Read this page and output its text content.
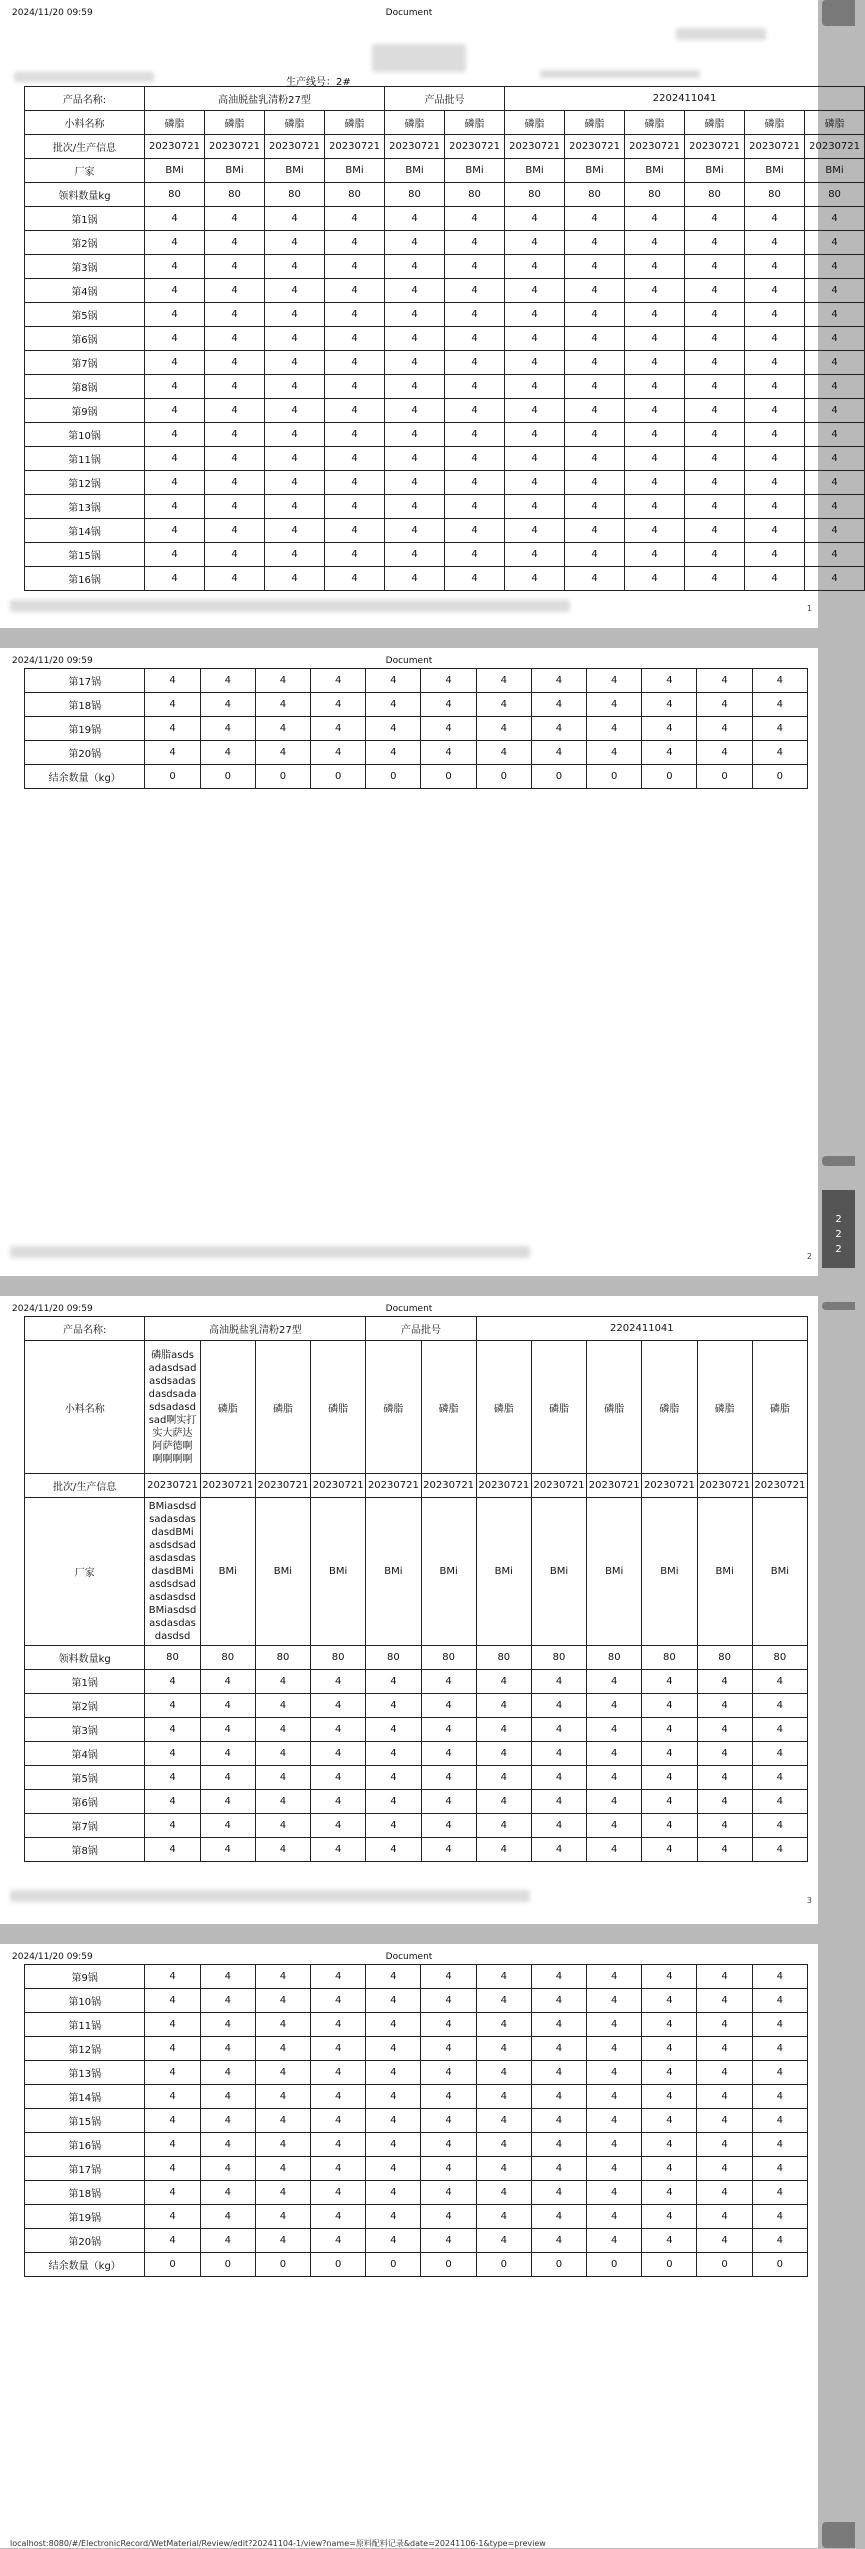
2024/11/20 09:59	Document
生产线号：2#
产品名称:	高油脱盐乳清粉27型				产品批号		2202411041					
小料名称	磷脂	磷脂	磷脂	磷脂	磷脂	磷脂	磷脂	磷脂	磷脂	磷脂	磷脂	磷脂
批次/生产信息	20230721	20230721	20230721	20230721	20230721	20230721	20230721	20230721	20230721	20230721	20230721	20230721
厂家	BMi	BMi	BMi	BMi	BMi	BMi	BMi	BMi	BMi	BMi	BMi	BMi
领料数量kg	80	80	80	80	80	80	80	80	80	80	80	80
第1锅	4	4	4	4	4	4	4	4	4	4	4	4
第2锅	4	4	4	4	4	4	4	4	4	4	4	4
第3锅	4	4	4	4	4	4	4	4	4	4	4	4
第4锅	4	4	4	4	4	4	4	4	4	4	4	4
第5锅	4	4	4	4	4	4	4	4	4	4	4	4
第6锅	4	4	4	4	4	4	4	4	4	4	4	4
第7锅	4	4	4	4	4	4	4	4	4	4	4	4
第8锅	4	4	4	4	4	4	4	4	4	4	4	4
第9锅	4	4	4	4	4	4	4	4	4	4	4	4
第10锅	4	4	4	4	4	4	4	4	4	4	4	4
第11锅	4	4	4	4	4	4	4	4	4	4	4	4
第12锅	4	4	4	4	4	4	4	4	4	4	4	4
第13锅	4	4	4	4	4	4	4	4	4	4	4	4
第14锅	4	4	4	4	4	4	4	4	4	4	4	4
第15锅	4	4	4	4	4	4	4	4	4	4	4	4
第16锅	4	4	4	4	4	4	4	4	4	4	4	4
1
2024/11/20 09:59	Document
第17锅	4	4	4	4	4	4	4	4	4	4	4	4
第18锅	4	4	4	4	4	4	4	4	4	4	4	4
第19锅	4	4	4	4	4	4	4	4	4	4	4	4
第20锅	4	4	4	4	4	4	4	4	4	4	4	4
结余数量（kg）	0	0	0	0	0	0	0	0	0	0	0	0
2
2024/11/20 09:59	Document
产品名称:	高油脱盐乳清粉27型				产品批号		2202411041					
小料名称	磷脂asdsadasdsadasdsadasdasdsadasdsadasdsad啊实打实大萨达阿萨德啊啊啊啊啊	磷脂	磷脂	磷脂	磷脂	磷脂	磷脂	磷脂	磷脂	磷脂	磷脂	磷脂
批次/生产信息	20230721	20230721	20230721	20230721	20230721	20230721	20230721	20230721	20230721	20230721	20230721	20230721
厂家	BMiasdsdsadasdasdasdBMiasdsdsadasdasdasdasdBMiasdsdsadasdasdsdBMiasdsdasdasdasdasdsd	BMi	BMi	BMi	BMi	BMi	BMi	BMi	BMi	BMi	BMi	BMi
领料数量kg	80	80	80	80	80	80	80	80	80	80	80	80
第1锅	4	4	4	4	4	4	4	4	4	4	4	4
第2锅	4	4	4	4	4	4	4	4	4	4	4	4
第3锅	4	4	4	4	4	4	4	4	4	4	4	4
第4锅	4	4	4	4	4	4	4	4	4	4	4	4
第5锅	4	4	4	4	4	4	4	4	4	4	4	4
第6锅	4	4	4	4	4	4	4	4	4	4	4	4
第7锅	4	4	4	4	4	4	4	4	4	4	4	4
第8锅	4	4	4	4	4	4	4	4	4	4	4	4
3
2024/11/20 09:59	Document
第9锅	4	4	4	4	4	4	4	4	4	4	4	4
第10锅	4	4	4	4	4	4	4	4	4	4	4	4
第11锅	4	4	4	4	4	4	4	4	4	4	4	4
第12锅	4	4	4	4	4	4	4	4	4	4	4	4
第13锅	4	4	4	4	4	4	4	4	4	4	4	4
第14锅	4	4	4	4	4	4	4	4	4	4	4	4
第15锅	4	4	4	4	4	4	4	4	4	4	4	4
第16锅	4	4	4	4	4	4	4	4	4	4	4	4
第17锅	4	4	4	4	4	4	4	4	4	4	4	4
第18锅	4	4	4	4	4	4	4	4	4	4	4	4
第19锅	4	4	4	4	4	4	4	4	4	4	4	4
第20锅	4	4	4	4	4	4	4	4	4	4	4	4
结余数量（kg）	0	0	0	0	0	0	0	0	0	0	0	0
2
2
2
localhost:8080/#/ElectronicRecord/WetMaterial/Review/edit?20241104-1/view?name=原料配料记录&date=20241106-1&type=preview
